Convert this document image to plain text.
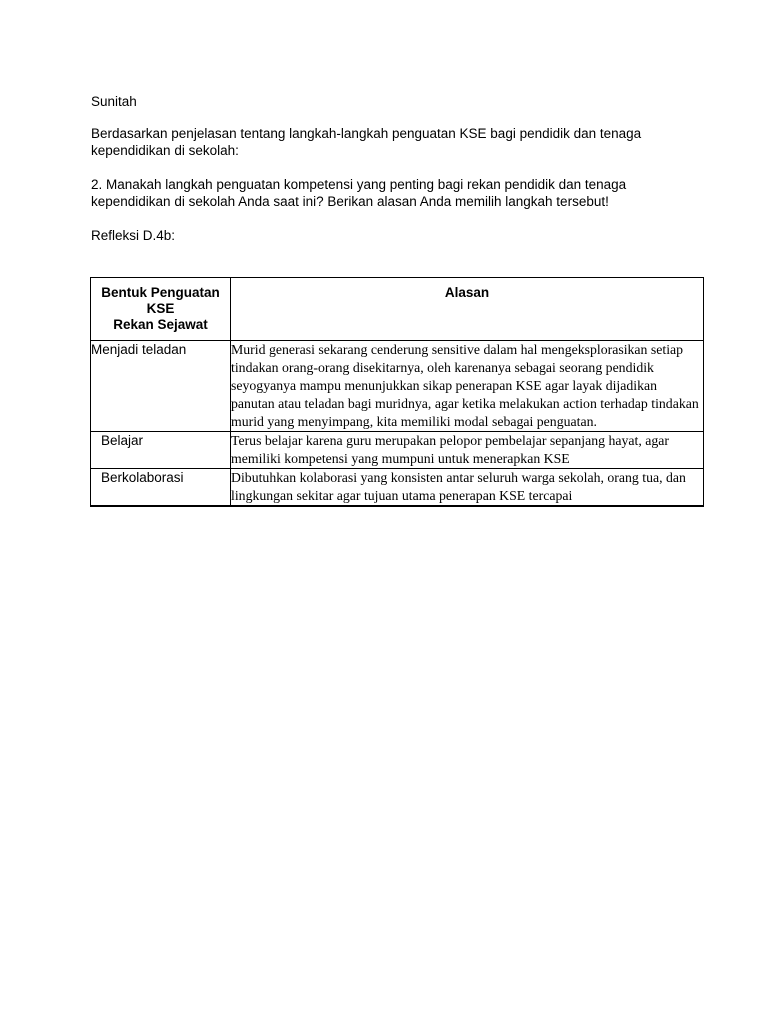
Sunitah

Berdasarkan penjelasan tentang langkah-langkah penguatan KSE bagi pendidik dan tenaga kependidikan di sekolah:

2. Manakah langkah penguatan kompetensi yang penting bagi rekan pendidik dan tenaga kependidikan di sekolah Anda saat ini? Berikan alasan Anda memilih langkah tersebut!

Refleksi D.4b:

Bentuk Penguatan
KSE
Rekan Sejawat	Alasan
Menjadi teladan	Murid generasi sekarang cenderung sensitive dalam hal mengeksplorasikan setiap tindakan orang-orang disekitarnya, oleh karenanya sebagai seorang pendidik seyogyanya mampu menunjukkan sikap penerapan KSE agar layak dijadikan panutan atau teladan bagi muridnya, agar ketika melakukan action terhadap tindakan murid yang menyimpang, kita memiliki modal sebagai penguatan.
Belajar	Terus belajar karena guru merupakan pelopor pembelajar sepanjang hayat, agar memiliki kompetensi yang mumpuni untuk menerapkan KSE
Berkolaborasi	Dibutuhkan kolaborasi yang konsisten antar seluruh warga sekolah, orang tua, dan lingkungan sekitar agar tujuan utama penerapan KSE tercapai
